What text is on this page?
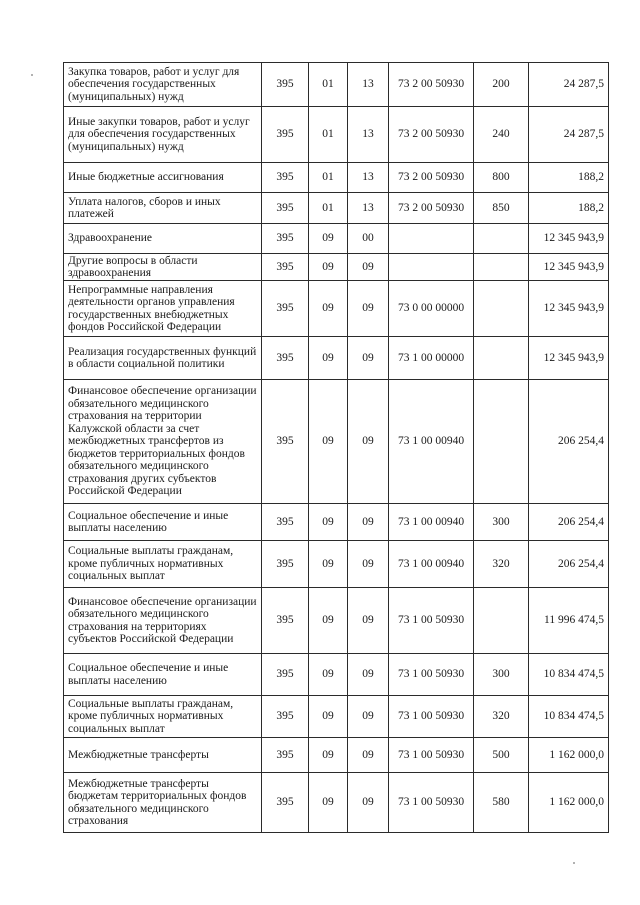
Закупка товаров, работ и услуг для обеспечения государственных (муниципальных) нужд	395	01	13	73 2 00 50930	200	24 287,5
Иные закупки товаров, работ и услуг для обеспечения государственных (муниципальных) нужд	395	01	13	73 2 00 50930	240	24 287,5
Иные бюджетные ассигнования	395	01	13	73 2 00 50930	800	188,2
Уплата налогов, сборов и иных платежей	395	01	13	73 2 00 50930	850	188,2
Здравоохранение	395	09	00			12 345 943,9
Другие вопросы в области здравоохранения	395	09	09			12 345 943,9
Непрограммные направления деятельности органов управления государственных внебюджетных фондов Российской Федерации	395	09	09	73 0 00 00000		12 345 943,9
Реализация государственных функций в области социальной политики	395	09	09	73 1 00 00000		12 345 943,9
Финансовое обеспечение организации обязательного медицинского страхования на территории Калужской области за счет межбюджетных трансфертов из бюджетов территориальных фондов обязательного медицинского страхования других субъектов Российской Федерации	395	09	09	73 1 00 00940		206 254,4
Социальное обеспечение и иные выплаты населению	395	09	09	73 1 00 00940	300	206 254,4
Социальные выплаты гражданам, кроме публичных нормативных социальных выплат	395	09	09	73 1 00 00940	320	206 254,4
Финансовое обеспечение организации обязательного медицинского страхования на территориях субъектов Российской Федерации	395	09	09	73 1 00 50930		11 996 474,5
Социальное обеспечение и иные выплаты населению	395	09	09	73 1 00 50930	300	10 834 474,5
Социальные выплаты гражданам, кроме публичных нормативных социальных выплат	395	09	09	73 1 00 50930	320	10 834 474,5
Межбюджетные трансферты	395	09	09	73 1 00 50930	500	1 162 000,0
Межбюджетные трансферты бюджетам территориальных фондов обязательного медицинского страхования	395	09	09	73 1 00 50930	580	1 162 000,0
